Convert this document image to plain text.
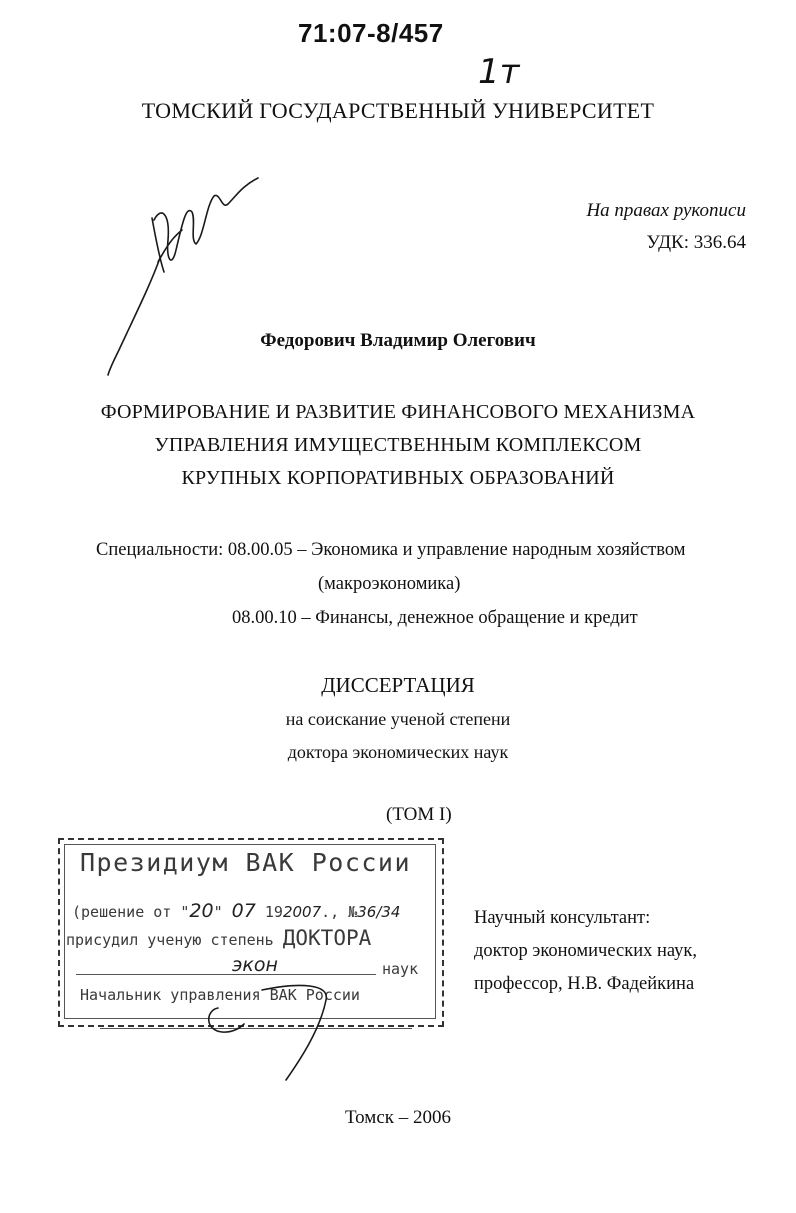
71:07-8/457
1т
ТОМСКИЙ ГОСУДАРСТВЕННЫЙ УНИВЕРСИТЕТ
На правах рукописи
УДК: 336.64
Федорович Владимир Олегович
ФОРМИРОВАНИЕ И РАЗВИТИЕ ФИНАНСОВОГО МЕХАНИЗМА
УПРАВЛЕНИЯ ИМУЩЕСТВЕННЫМ КОМПЛЕКСОМ
КРУПНЫХ КОРПОРАТИВНЫХ ОБРАЗОВАНИЙ
Специальности: 08.00.05 – Экономика и управление народным хозяйством
(макроэкономика)
08.00.10 – Финансы, денежное обращение и кредит
ДИССЕРТАЦИЯ
на соискание ученой степени
доктора экономических наук
(ТОМ I)
Президиум ВАК России
(решение от "20" 07 192007., №36/34
присудил ученую степень ДОКТОРА
экон	наук
Начальник управления ВАК России
Научный консультант:
доктор экономических наук,
профессор, Н.В. Фадейкина
Томск – 2006
